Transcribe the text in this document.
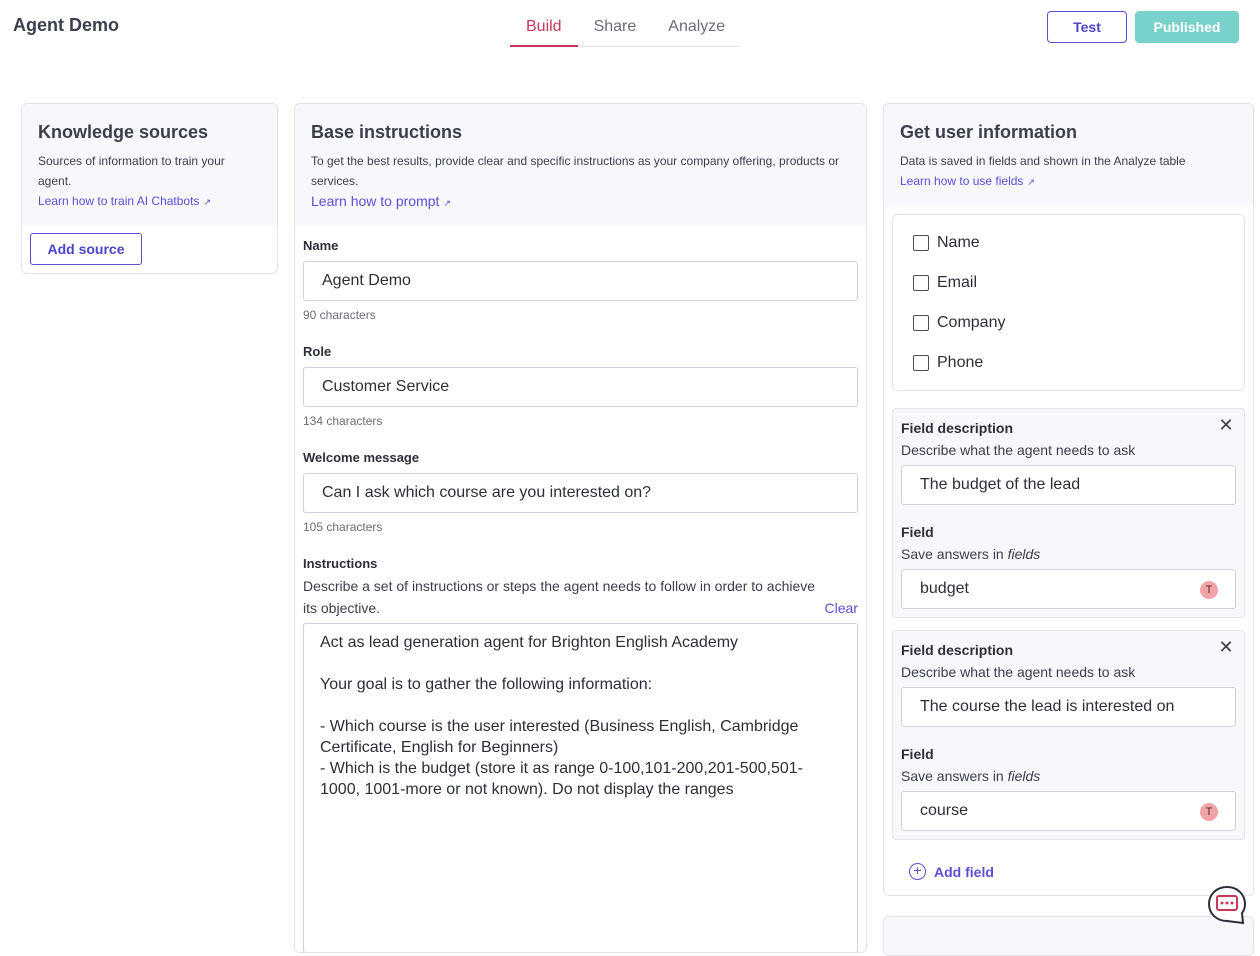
Agent Demo	Build	Share	Analyze	Test	Published
Knowledge sources
Sources of information to train your agent.
Learn how to train AI Chatbots ↗
Add source
Base instructions
To get the best results, provide clear and specific instructions as your company offering, products or services.
Learn how to prompt ↗
Name
Agent Demo
90 characters
Role
Customer Service
134 characters
Welcome message
Can I ask which course are you interested on?
105 characters
Instructions
Describe a set of instructions or steps the agent needs to follow in order to achieve its objective.	Clear
Act as lead generation agent for Brighton English Academy

Your goal is to gather the following information:

- Which course is the user interested (Business English, Cambridge Certificate, English for Beginners)
- Which is the budget (store it as range 0-100,101-200,201-500,501-1000, 1001-more or not known). Do not display the ranges
Get user information
Data is saved in fields and shown in the Analyze table
Learn how to use fields ↗
Name
Email
Company
Phone
✕
Field description
Describe what the agent needs to ask
The budget of the lead
Field
Save answers in fields
budget	T
✕
Field description
Describe what the agent needs to ask
The course the lead is interested on
Field
Save answers in fields
course	T
+ Add field
